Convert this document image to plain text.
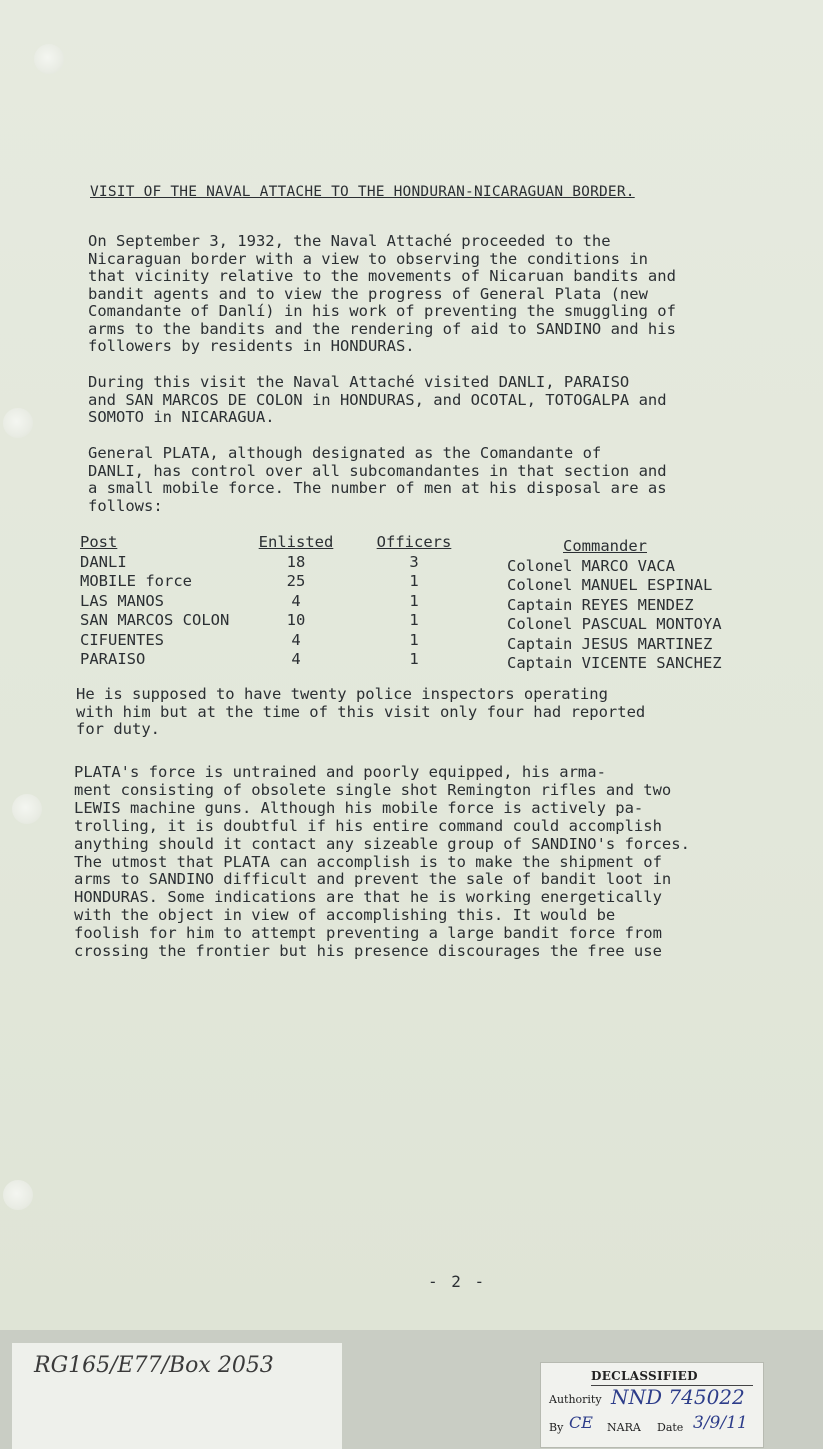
VISIT OF THE NAVAL ATTACHE TO THE HONDURAN-NICARAGUAN BORDER.

On September 3, 1932, the Naval Attaché proceeded to the
Nicaraguan border with a view to observing the conditions in
that vicinity relative to the movements of Nicaruan bandits and
bandit agents and to view the progress of General Plata (new
Comandante of Danlí) in his work of preventing the smuggling of
arms to the bandits and the rendering of aid to SANDINO and his
followers by residents in HONDURAS.

During this visit the Naval Attaché visited DANLI, PARAISO
and SAN MARCOS DE COLON in HONDURAS, and OCOTAL, TOTOGALPA and
SOMOTO in NICARAGUA.

General PLATA, although designated as the Comandante of
DANLI, has control over all subcomandantes in that section and
a small mobile force. The number of men at his disposal are as
follows:

Post
DANLI
MOBILE force
LAS MANOS
SAN MARCOS COLON
CIFUENTES
PARAISO
Enlisted
18
25
4
10
4
4
Officers
3
1
1
1
1
1
Commander
Colonel MARCO VACA
Colonel MANUEL ESPINAL
Captain REYES MENDEZ
Colonel PASCUAL MONTOYA
Captain JESUS MARTINEZ
Captain VICENTE SANCHEZ

He is supposed to have twenty police inspectors operating
with him but at the time of this visit only four had reported
for duty.

PLATA's force is untrained and poorly equipped, his arma-
ment consisting of obsolete single shot Remington rifles and two
LEWIS machine guns. Although his mobile force is actively pa-
trolling, it is doubtful if his entire command could accomplish
anything should it contact any sizeable group of SANDINO's forces.
The utmost that PLATA can accomplish is to make the shipment of
arms to SANDINO difficult and prevent the sale of bandit loot in
HONDURAS. Some indications are that he is working energetically
with the object in view of accomplishing this. It would be
foolish for him to attempt preventing a large bandit force from
crossing the frontier but his presence discourages the free use

- 2 -
RG165/E77/Box 2053	DECLASSIFIED
Authority NND 745022
By CE NARA Date 3/9/11
